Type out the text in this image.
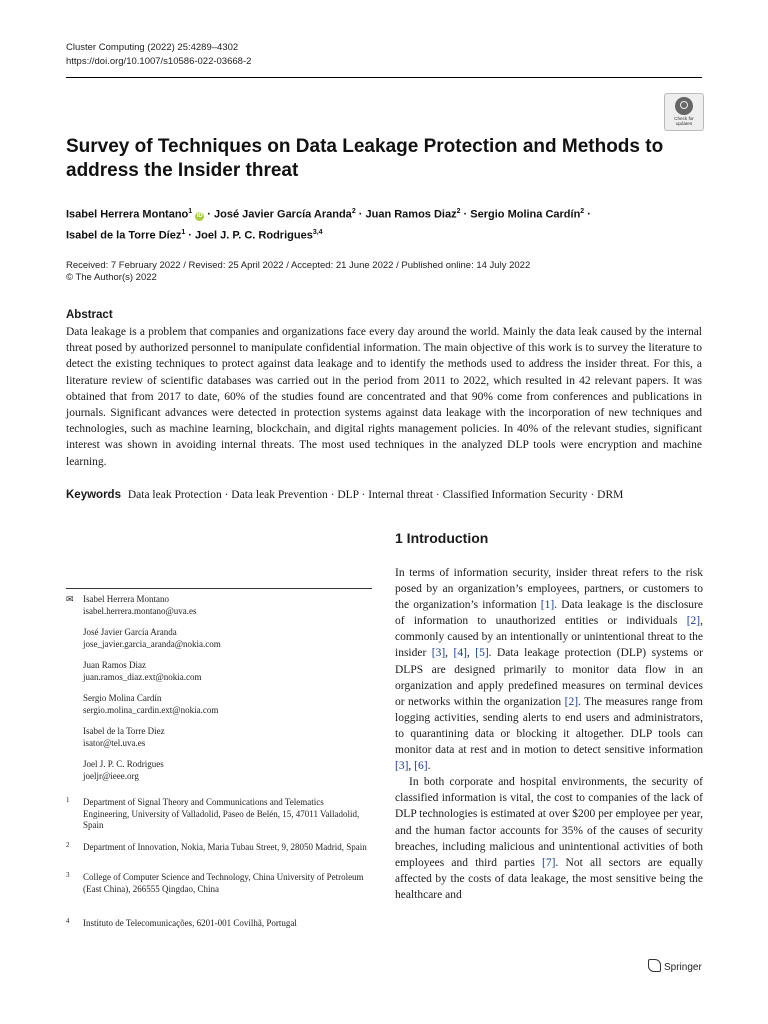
Cluster Computing (2022) 25:4289–4302
https://doi.org/10.1007/s10586-022-03668-2
Check for
updates
Survey of Techniques on Data Leakage Protection and Methods to address the Insider threat
Isabel Herrera Montano$^1$ iD · José Javier García Aranda$^2$ · Juan Ramos Diaz$^2$ · Sergio Molina Cardín$^2$ ·
Isabel de la Torre Díez$^1$ · Joel J. P. C. Rodrigues$^{3,4}$
Received: 7 February 2022 / Revised: 25 April 2022 / Accepted: 21 June 2022 / Published online: 14 July 2022
© The Author(s) 2022
Abstract
Data leakage is a problem that companies and organizations face every day around the world. Mainly the data leak caused by the internal threat posed by authorized personnel to manipulate confidential information. The main objective of this work is to survey the literature to detect the existing techniques to protect against data leakage and to identify the methods used to address the insider threat. For this, a literature review of scientific databases was carried out in the period from 2011 to 2022, which resulted in 42 relevant papers. It was obtained that from 2017 to date, 60% of the studies found are concentrated and that 90% come from conferences and publications in journals. Significant advances were detected in protection systems against data leakage with the incorporation of new techniques and technologies, such as machine learning, blockchain, and digital rights management policies. In 40% of the relevant studies, significant interest was shown in avoiding internal threats. The most used techniques in the analyzed DLP tools were encryption and machine learning.
Keywords Data leak Protection · Data leak Prevention · DLP · Internal threat · Classified Information Security · DRM
✉ Isabel Herrera Montano
isabel.herrera.montano@uva.es
José Javier García Aranda
jose_javier.garcia_aranda@nokia.com
Juan Ramos Diaz
juan.ramos_diaz.ext@nokia.com
Sergio Molina Cardín
sergio.molina_cardin.ext@nokia.com
Isabel de la Torre Diez
isator@tel.uva.es
Joel J. P. C. Rodrigues
joeljr@ieee.org
1 Department of Signal Theory and Communications and Telematics Engineering, University of Valladolid, Paseo de Belén, 15, 47011 Valladolid, Spain
2 Department of Innovation, Nokia, Maria Tubau Street, 9, 28050 Madrid, Spain
3 College of Computer Science and Technology, China University of Petroleum (East China), 266555 Qingdao, China
4 Instituto de Telecomunicações, 6201-001 Covilhã, Portugal
1 Introduction

In terms of information security, insider threat refers to the risk posed by an organization’s employees, partners, or customers to the organization’s information [1]. Data leakage is the disclosure of information to unauthorized entities or individuals [2], commonly caused by an intentionally or unintentional threat to the insider [3], [4], [5]. Data leakage protection (DLP) systems or DLPS are designed primarily to monitor data flow in an organization and apply predefined measures on terminal devices or networks within the organization [2]. The measures range from logging activities, sending alerts to end users and administrators, to quarantining data or blocking it altogether. DLP tools can monitor data at rest and in motion to detect sensitive information [3], [6].

In both corporate and hospital environments, the security of classified information is vital, the cost to companies of the lack of DLP technologies is estimated at over $200 per employee per year, and the human factor accounts for 35% of the causes of security breaches, including malicious and unintentional activities of both employees and third parties [7]. Not all sectors are equally affected by the costs of data leakage, the most sensitive being the healthcare and

Springer
